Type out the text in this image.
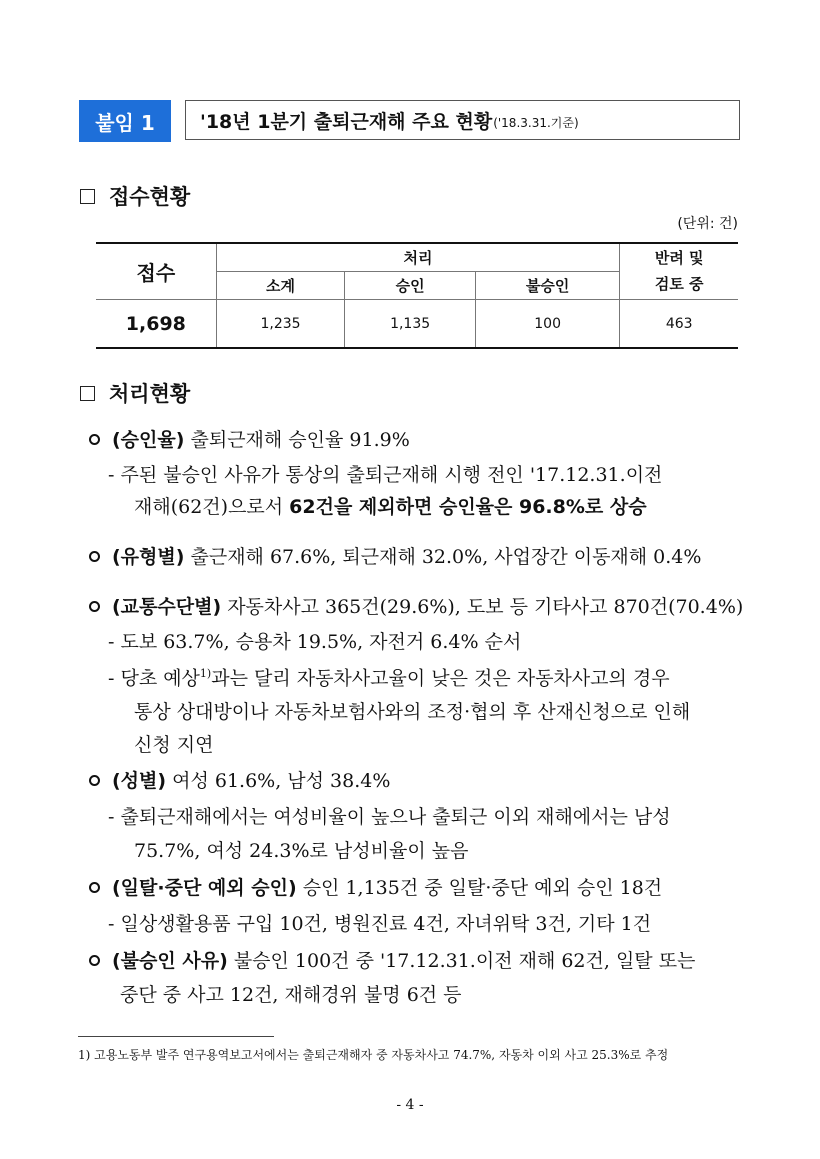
붙임 1	'18년 1분기 출퇴근재해 주요 현황 ('18.3.31.기준)
접수현황
(단위: 건)
접수	처리			반려 및
검토 중
	소계	승인	불승인	
1,698	1,235	1,135	100	463
처리현황
(승인율) 출퇴근재해 승인율 91.9%
- 주된 불승인 사유가 통상의 출퇴근재해 시행 전인 '17.12.31.이전
재해(62건)으로서 62건을 제외하면 승인율은 96.8%로 상승
(유형별) 출근재해 67.6%, 퇴근재해 32.0%, 사업장간 이동재해 0.4%
(교통수단별) 자동차사고 365건(29.6%), 도보 등 기타사고 870건(70.4%)
- 도보 63.7%, 승용차 19.5%, 자전거 6.4% 순서
- 당초 예상$^{1)}$과는 달리 자동차사고율이 낮은 것은 자동차사고의 경우
통상 상대방이나 자동차보험사와의 조정·협의 후 산재신청으로 인해
신청 지연
(성별) 여성 61.6%, 남성 38.4%
- 출퇴근재해에서는 여성비율이 높으나 출퇴근 이외 재해에서는 남성
75.7%, 여성 24.3%로 남성비율이 높음
(일탈·중단 예외 승인) 승인 1,135건 중 일탈·중단 예외 승인 18건
- 일상생활용품 구입 10건, 병원진료 4건, 자녀위탁 3건, 기타 1건
(불승인 사유) 불승인 100건 중 '17.12.31.이전 재해 62건, 일탈 또는
중단 중 사고 12건, 재해경위 불명 6건 등
1) 고용노동부 발주 연구용역보고서에서는 출퇴근재해자 중 자동차사고 74.7%, 자동차 이외 사고 25.3%로 추정
- 4 -
